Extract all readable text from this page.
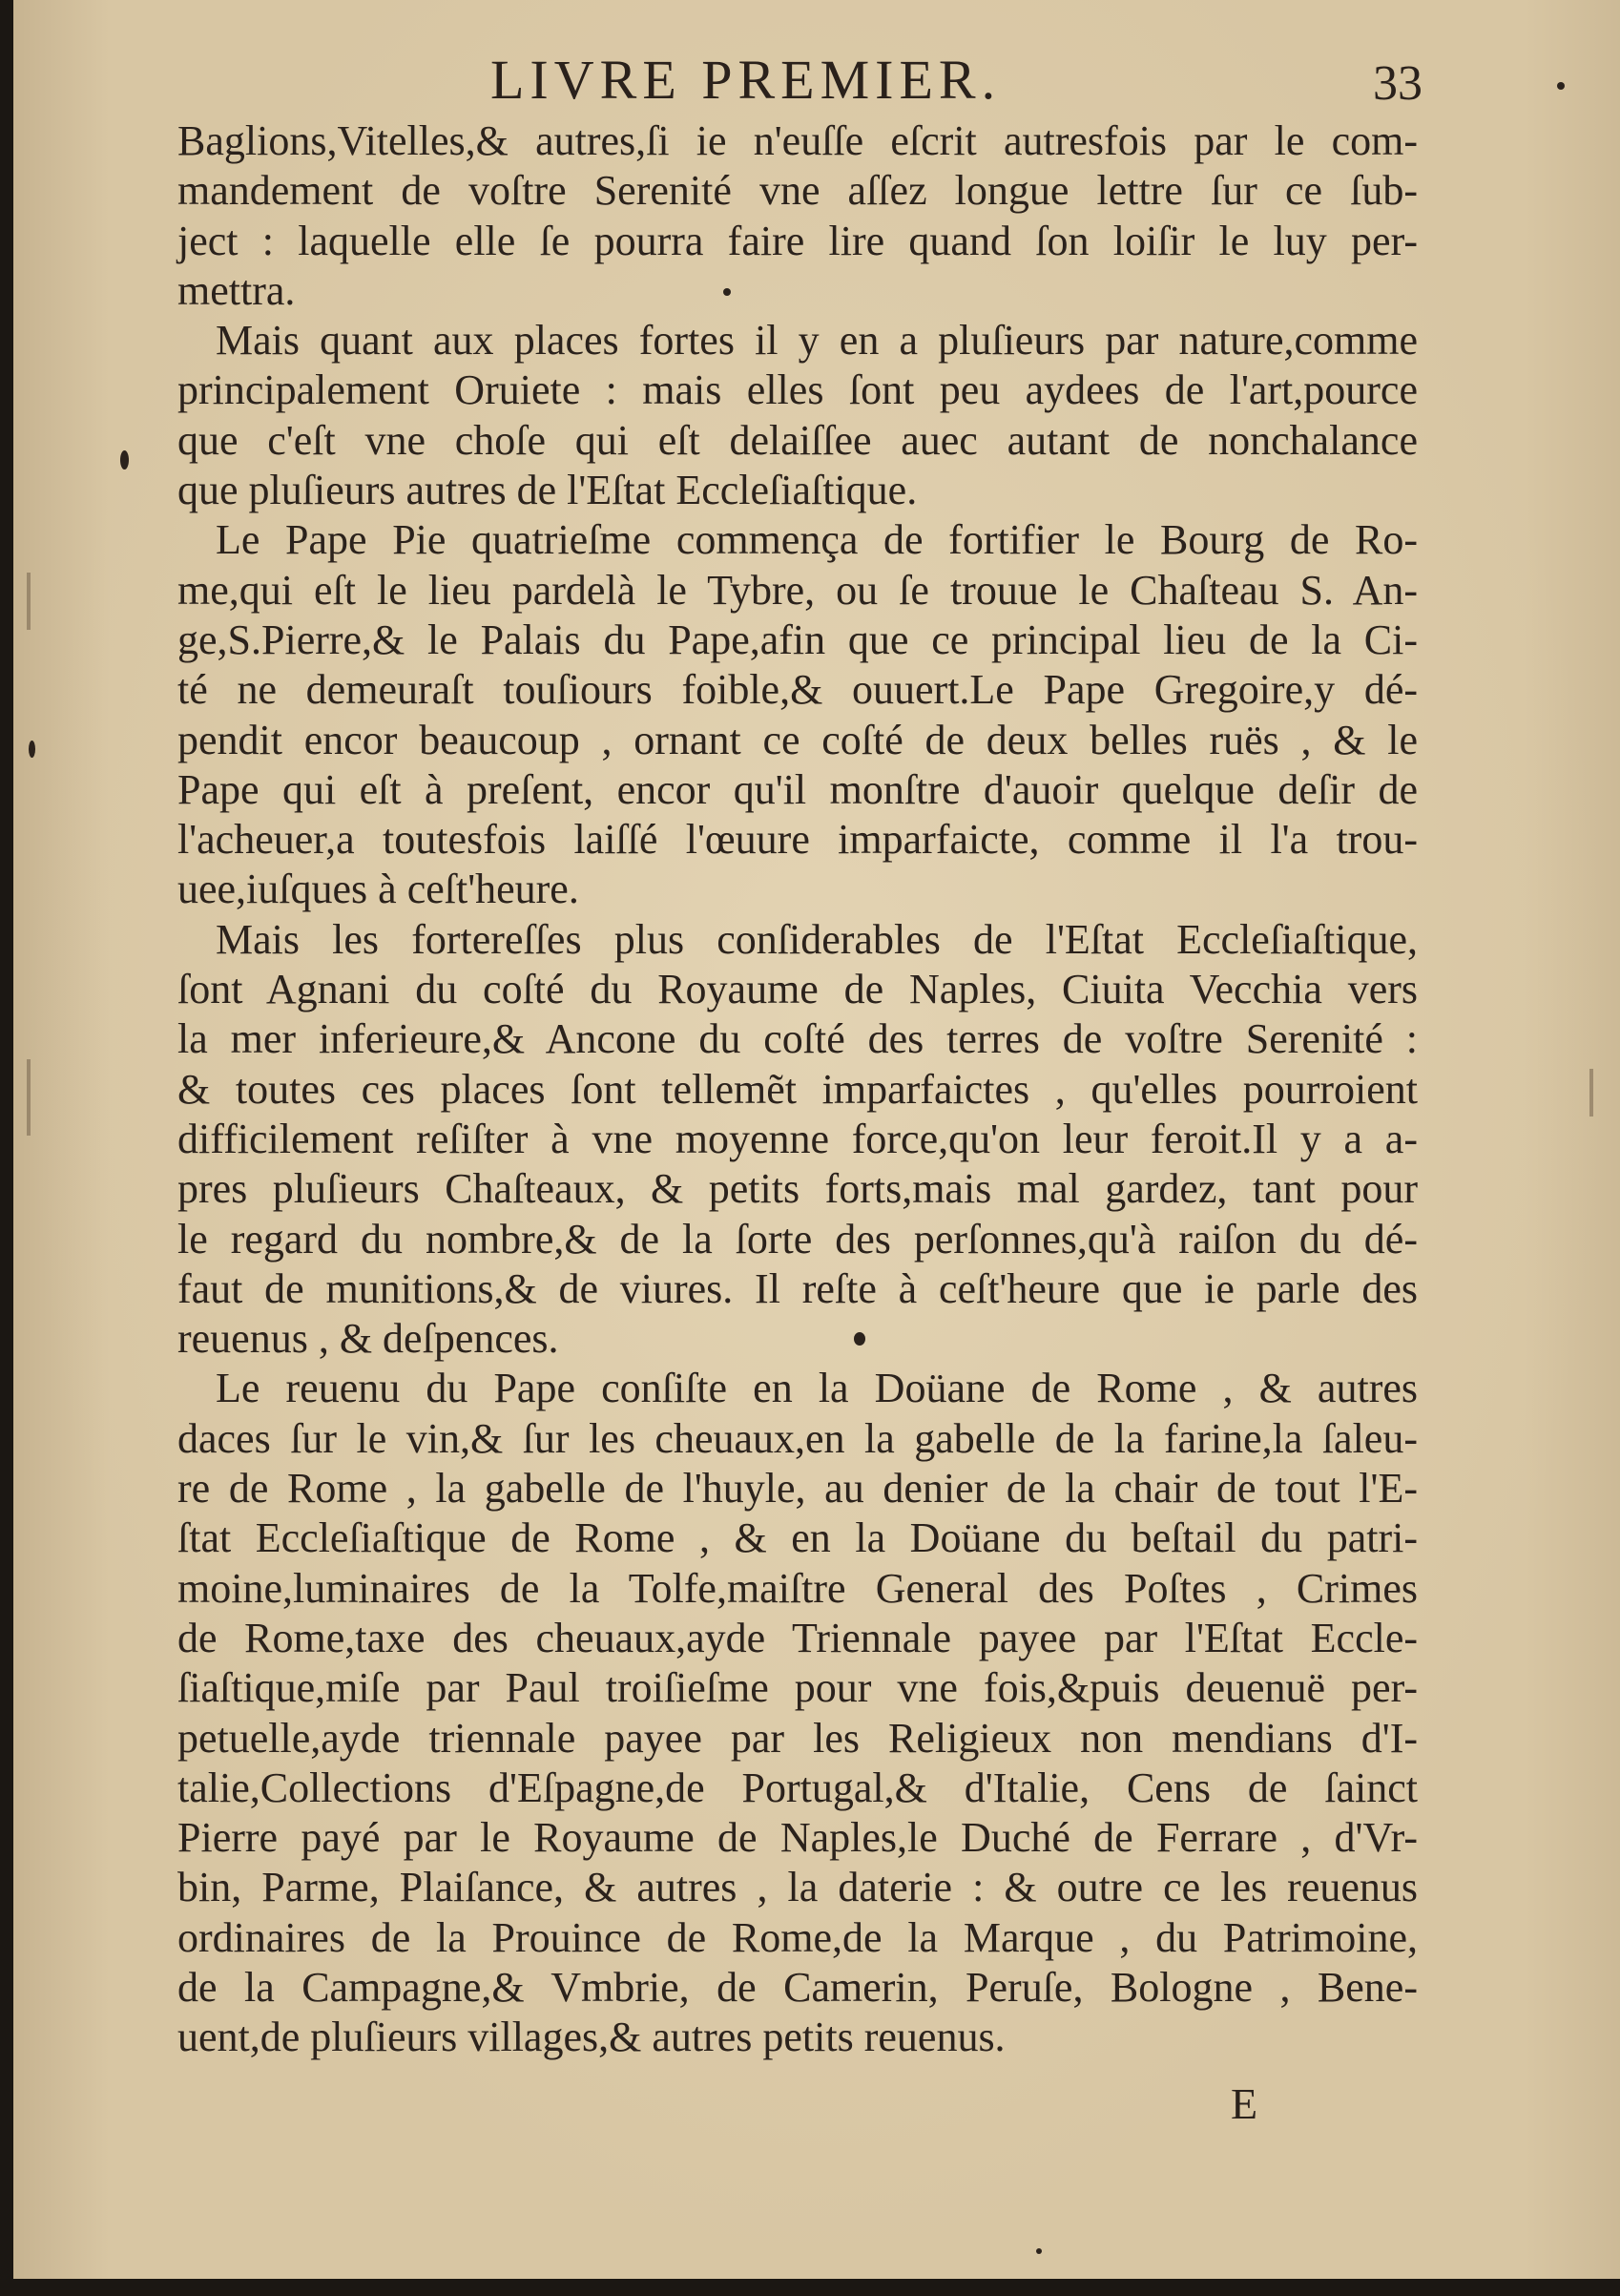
LIVRE PREMIER.	33
Baglions,Vitelles,& autres,ſi ie n'euſſe eſcrit autresfois par le com-
mandement de voſtre Serenité vne aſſez longue lettre ſur ce ſub-
ject : laquelle elle ſe pourra faire lire quand ſon loiſir le luy per-
mettra.
Mais quant aux places fortes il y en a pluſieurs par nature,comme
principalement Oruiete : mais elles ſont peu aydees de l'art,pource
que c'eſt vne choſe qui eſt delaiſſee auec autant de nonchalance
que pluſieurs autres de l'Eſtat Eccleſiaſtique.
Le Pape Pie quatrieſme commença de fortifier le Bourg de Ro-
me,qui eſt le lieu pardelà le Tybre, ou ſe trouue le Chaſteau S. An-
ge,S.Pierre,& le Palais du Pape,afin que ce principal lieu de la Ci-
té ne demeuraſt touſiours foible,& ouuert.Le Pape Gregoire,y dé-
pendit encor beaucoup , ornant ce coſté de deux belles ruës , & le
Pape qui eſt à preſent, encor qu'il monſtre d'auoir quelque deſir de
l'acheuer,a toutesfois laiſſé l'œuure imparfaicte, comme il l'a trou-
uee,iuſques à ceſt'heure.
Mais les fortereſſes plus conſiderables de l'Eſtat Eccleſiaſtique,
ſont Agnani du coſté du Royaume de Naples, Ciuita Vecchia vers
la mer inferieure,& Ancone du coſté des terres de voſtre Serenité :
& toutes ces places ſont tellemẽt imparfaictes , qu'elles pourroient
difficilement reſiſter à vne moyenne force,qu'on leur feroit.Il y a a-
pres pluſieurs Chaſteaux, & petits forts,mais mal gardez, tant pour
le regard du nombre,& de la ſorte des perſonnes,qu'à raiſon du dé-
faut de munitions,& de viures. Il reſte à ceſt'heure que ie parle des
reuenus , & deſpences.
Le reuenu du Pape conſiſte en la Doüane de Rome , & autres
daces ſur le vin,& ſur les cheuaux,en la gabelle de la farine,la ſaleu-
re de Rome , la gabelle de l'huyle, au denier de la chair de tout l'E-
ſtat Eccleſiaſtique de Rome , & en la Doüane du beſtail du patri-
moine,luminaires de la Tolfe,maiſtre General des Poſtes , Crimes
de Rome,taxe des cheuaux,ayde Triennale payee par l'Eſtat Eccle-
ſiaſtique,miſe par Paul troiſieſme pour vne fois,&puis deuenuë per-
petuelle,ayde triennale payee par les Religieux non mendians d'I-
talie,Collections d'Eſpagne,de Portugal,& d'Italie, Cens de ſainct
Pierre payé par le Royaume de Naples,le Duché de Ferrare , d'Vr-
bin, Parme, Plaiſance, & autres , la daterie : & outre ce les reuenus
ordinaires de la Prouince de Rome,de la Marque , du Patrimoine,
de la Campagne,& Vmbrie, de Camerin, Peruſe, Bologne , Bene-
uent,de pluſieurs villages,& autres petits reuenus.
E
